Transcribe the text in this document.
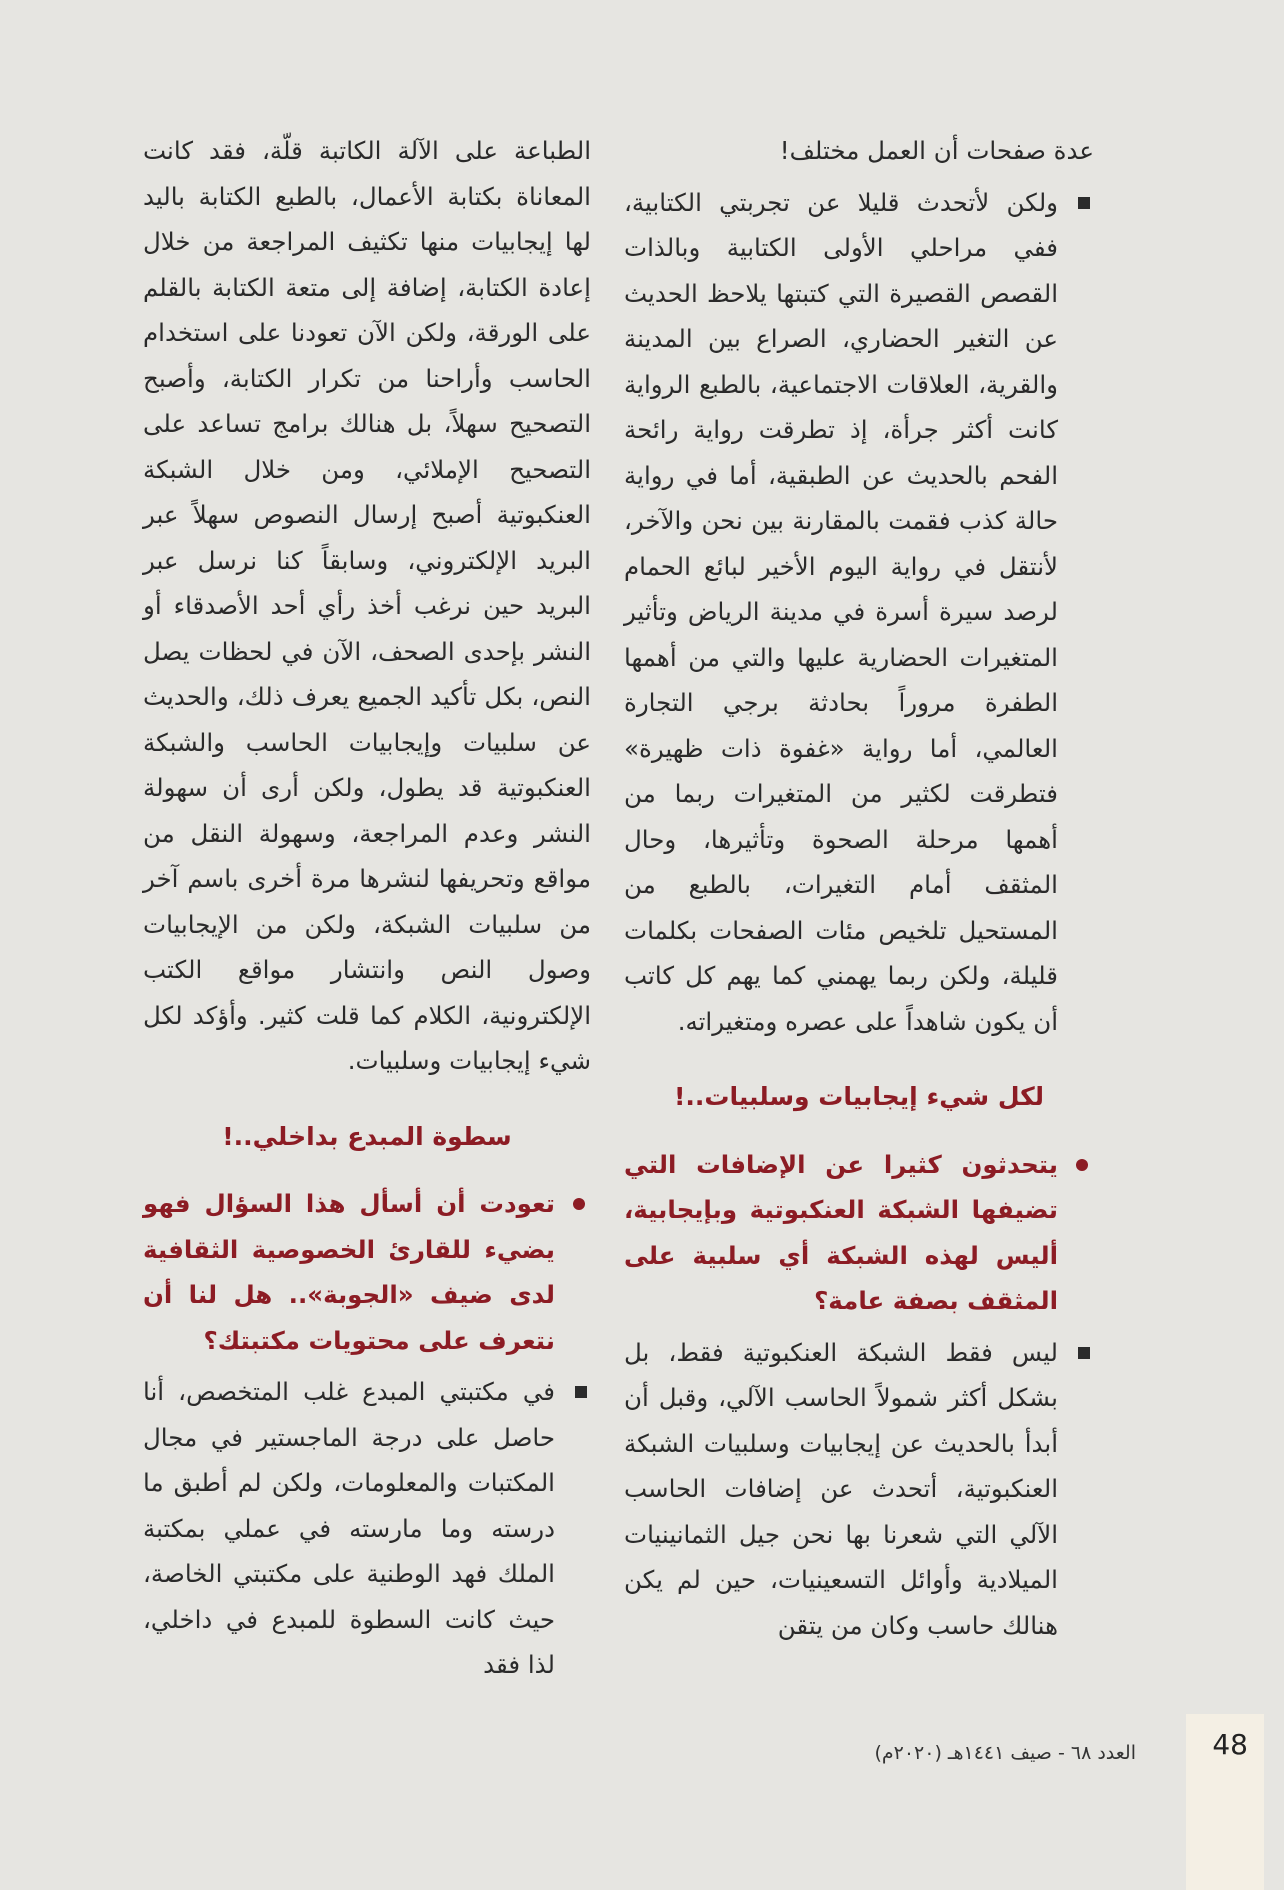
عدة صفحات أن العمل مختلف!

ولكن لأتحدث قليلا عن تجربتي الكتابية، ففي مراحلي الأولى الكتابية وبالذات القصص القصيرة التي كتبتها يلاحظ الحديث عن التغير الحضاري، الصراع بين المدينة والقرية، العلاقات الاجتماعية، بالطبع الرواية كانت أكثر جرأة، إذ تطرقت رواية رائحة الفحم بالحديث عن الطبقية، أما في رواية حالة كذب فقمت بالمقارنة بين نحن والآخر، لأنتقل في رواية اليوم الأخير لبائع الحمام لرصد سيرة أسرة في مدينة الرياض وتأثير المتغيرات الحضارية عليها والتي من أهمها الطفرة مروراً بحادثة برجي التجارة العالمي، أما رواية «غفوة ذات ظهيرة» فتطرقت لكثير من المتغيرات ربما من أهمها مرحلة الصحوة وتأثيرها، وحال المثقف أمام التغيرات، بالطبع من المستحيل تلخيص مئات الصفحات بكلمات قليلة، ولكن ربما يهمني كما يهم كل كاتب أن يكون شاهداً على عصره ومتغيراته.
لكل شيء إيجابيات وسلبيات..!
يتحدثون كثيرا عن الإضافات التي تضيفها الشبكة العنكبوتية وبإيجابية، أليس لهذه الشبكة أي سلبية على المثقف بصفة عامة؟
ليس فقط الشبكة العنكبوتية فقط، بل بشكل أكثر شمولاً الحاسب الآلي، وقبل أن أبدأ بالحديث عن إيجابيات وسلبيات الشبكة العنكبوتية، أتحدث عن إضافات الحاسب الآلي التي شعرنا بها نحن جيل الثمانينيات الميلادية وأوائل التسعينيات، حين لم يكن هنالك حاسب وكان من يتقن

الطباعة على الآلة الكاتبة قلّة، فقد كانت المعاناة بكتابة الأعمال، بالطبع الكتابة باليد لها إيجابيات منها تكثيف المراجعة من خلال إعادة الكتابة، إضافة إلى متعة الكتابة بالقلم على الورقة، ولكن الآن تعودنا على استخدام الحاسب وأراحنا من تكرار الكتابة، وأصبح التصحيح سهلاً، بل هنالك برامج تساعد على التصحيح الإملائي، ومن خلال الشبكة العنكبوتية أصبح إرسال النصوص سهلاً عبر البريد الإلكتروني، وسابقاً كنا نرسل عبر البريد حين نرغب أخذ رأي أحد الأصدقاء أو النشر بإحدى الصحف، الآن في لحظات يصل النص، بكل تأكيد الجميع يعرف ذلك، والحديث عن سلبيات وإيجابيات الحاسب والشبكة العنكبوتية قد يطول، ولكن أرى أن سهولة النشر وعدم المراجعة، وسهولة النقل من مواقع وتحريفها لنشرها مرة أخرى باسم آخر من سلبيات الشبكة، ولكن من الإيجابيات وصول النص وانتشار مواقع الكتب الإلكترونية، الكلام كما قلت كثير. وأؤكد لكل شيء إيجابيات وسلبيات.

سطوة المبدع بداخلي..!
تعودت أن أسأل هذا السؤال فهو يضيء للقارئ الخصوصية الثقافية لدى ضيف «الجوبة».. هل لنا أن نتعرف على محتويات مكتبتك؟
في مكتبتي المبدع غلب المتخصص، أنا حاصل على درجة الماجستير في مجال المكتبات والمعلومات، ولكن لم أطبق ما درسته وما مارسته في عملي بمكتبة الملك فهد الوطنية على مكتبتي الخاصة، حيث كانت السطوة للمبدع في داخلي، لذا فقد
48
العدد ٦٨ - صيف ١٤٤١هـ (٢٠٢٠م)
